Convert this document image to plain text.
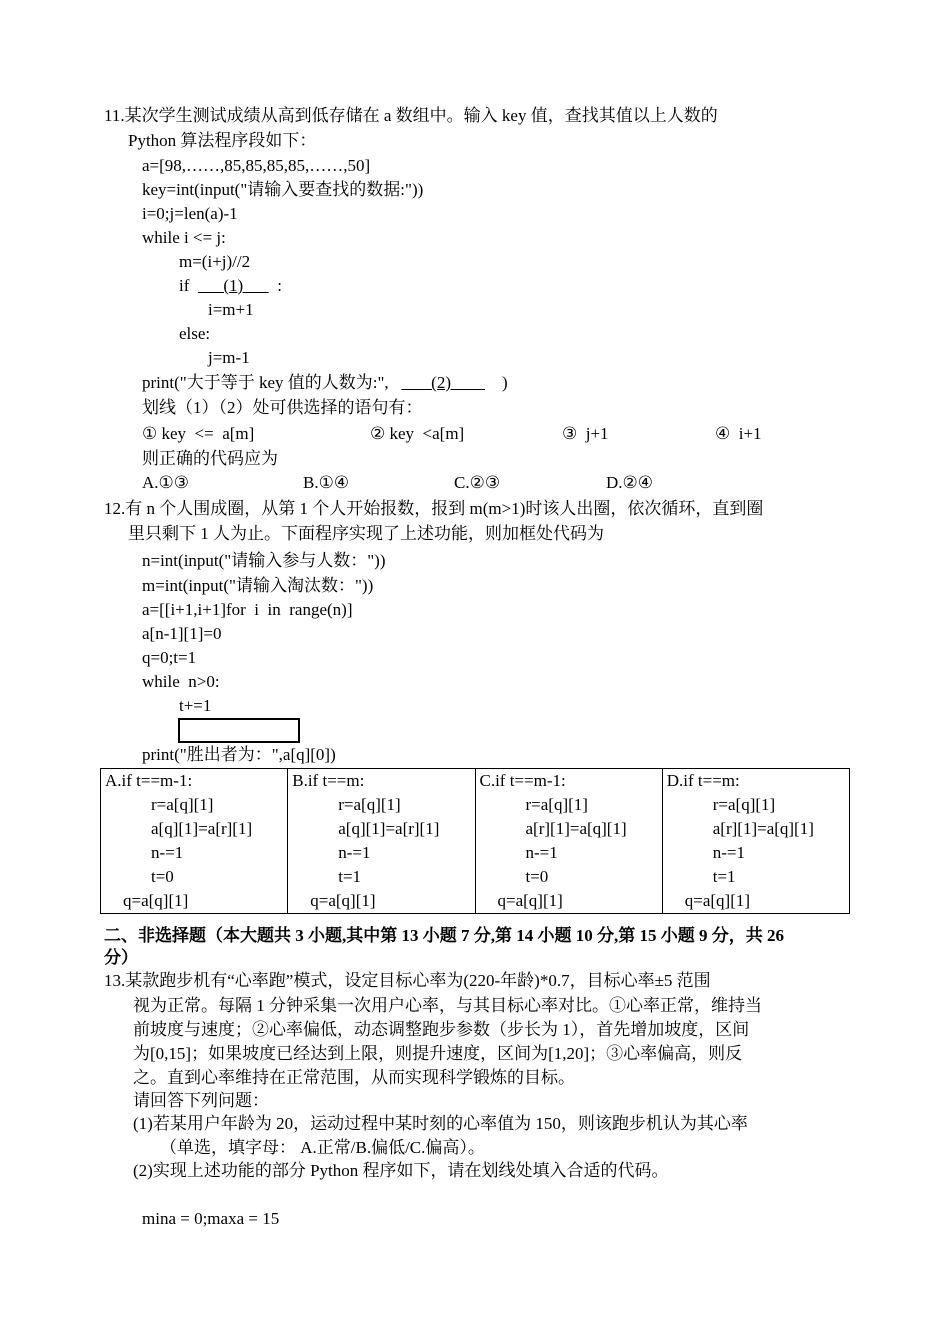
11.某次学生测试成绩从高到低存储在 a 数组中。输入 key 值，查找其值以上人数的
Python 算法程序段如下：
a=[98,……,85,85,85,85,……,50]
key=int(input("请输入要查找的数据:"))
i=0;j=len(a)-1
while i <= j:
m=(i+j)//2
if        (1)        :
i=m+1
else:
j=m-1
print("大于等于 key 值的人数为:",          (2)            )
划线（1）（2）处可供选择的语句有：
① key  <=  a[m]	② key  <a[m]	③  j+1	④  i+1
则正确的代码应为
A.①③	B.①④	C.②③	D.②④
12.有 n 个人围成圈，从第 1 个人开始报数，报到 m(m>1)时该人出圈，依次循环，直到圈
里只剩下 1 人为止。下面程序实现了上述功能，则加框处代码为
n=int(input("请输入参与人数："))
m=int(input("请输入淘汰数："))
a=[[i+1,i+1]for  i  in  range(n)]
a[n-1][1]=0
q=0;t=1
while  n>0:
t+=1
print("胜出者为：",a[q][0])
A.if t==m-1:
r=a[q][1]
a[q][1]=a[r][1]
n-=1
t=0
q=a[q][1]

B.if t==m:
r=a[q][1]
a[q][1]=a[r][1]
n-=1
t=1
q=a[q][1]

C.if t==m-1:
r=a[q][1]
a[r][1]=a[q][1]
n-=1
t=0
q=a[q][1]

D.if t==m:
r=a[q][1]
a[r][1]=a[q][1]
n-=1
t=1
q=a[q][1]
二、非选择题（本大题共 3 小题,其中第 13 小题 7 分,第 14 小题 10 分,第 15 小题 9 分，共 26
分）
13.某款跑步机有“心率跑”模式，设定目标心率为(220-年龄)*0.7，目标心率±5 范围
视为正常。每隔 1 分钟采集一次用户心率，与其目标心率对比。①心率正常，维持当
前坡度与速度；②心率偏低，动态调整跑步参数（步长为 1），首先增加坡度，区间
为[0,15]；如果坡度已经达到上限，则提升速度，区间为[1,20]；③心率偏高，则反
之。直到心率维持在正常范围，从而实现科学锻炼的目标。
请回答下列问题：
(1)若某用户年龄为 20，运动过程中某时刻的心率值为 150，则该跑步机认为其心率
（单选，填字母： A.正常/B.偏低/C.偏高）。
(2)实现上述功能的部分 Python 程序如下，请在划线处填入合适的代码。
mina = 0;maxa = 15
